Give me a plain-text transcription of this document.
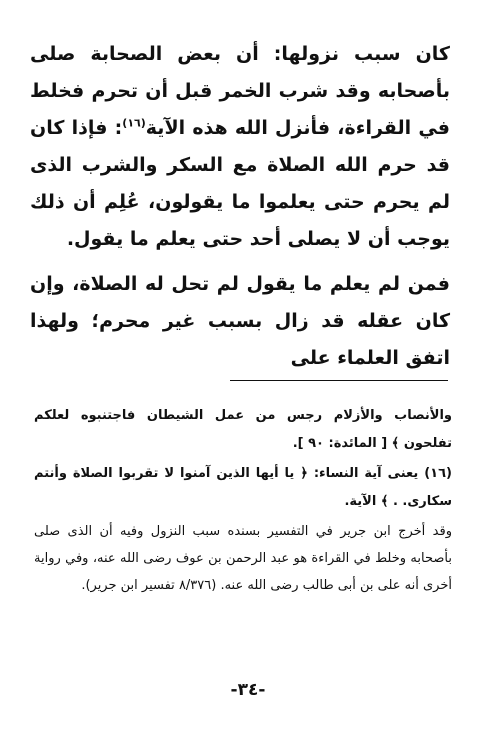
كان سبب نزولها: أن بعض الصحابة صلى بأصحابه وقد شرب الخمر قبل أن تحرم فخلط في القراءة، فأنزل الله هذه الآية$^{(١٦)}$: فإذا كان قد حرم الله الصلاة مع السكر والشرب الذى لم يحرم حتى يعلموا ما يقولون، عُلِم أن ذلك يوجب أن لا يصلى أحد حتى يعلم ما يقول.

فمن لم يعلم ما يقول لم تحل له الصلاة، وإن كان عقله قد زال بسبب غير محرم؛ ولهذا اتفق العلماء على

والأنصاب والأزلام رجس من عمل الشيطان فاجتنبوه لعلكم تفلحون ﴾ [ المائدة: ٩٠ ].

(١٦) يعنى آية النساء: ﴿ يا أيها الذين آمنوا لا تقربوا الصلاة وأنتم سكارى. . ﴾ الآية.

وقد أخرج ابن جرير في التفسير بسنده سبب النزول وفيه أن الذى صلى بأصحابه وخلط في القراءة هو عبد الرحمن بن عوف رضى الله عنه، وفي رواية أخرى أنه على بن أبى طالب رضى الله عنه. (٨/٣٧٦ تفسير ابن جرير).

-٣٤-
